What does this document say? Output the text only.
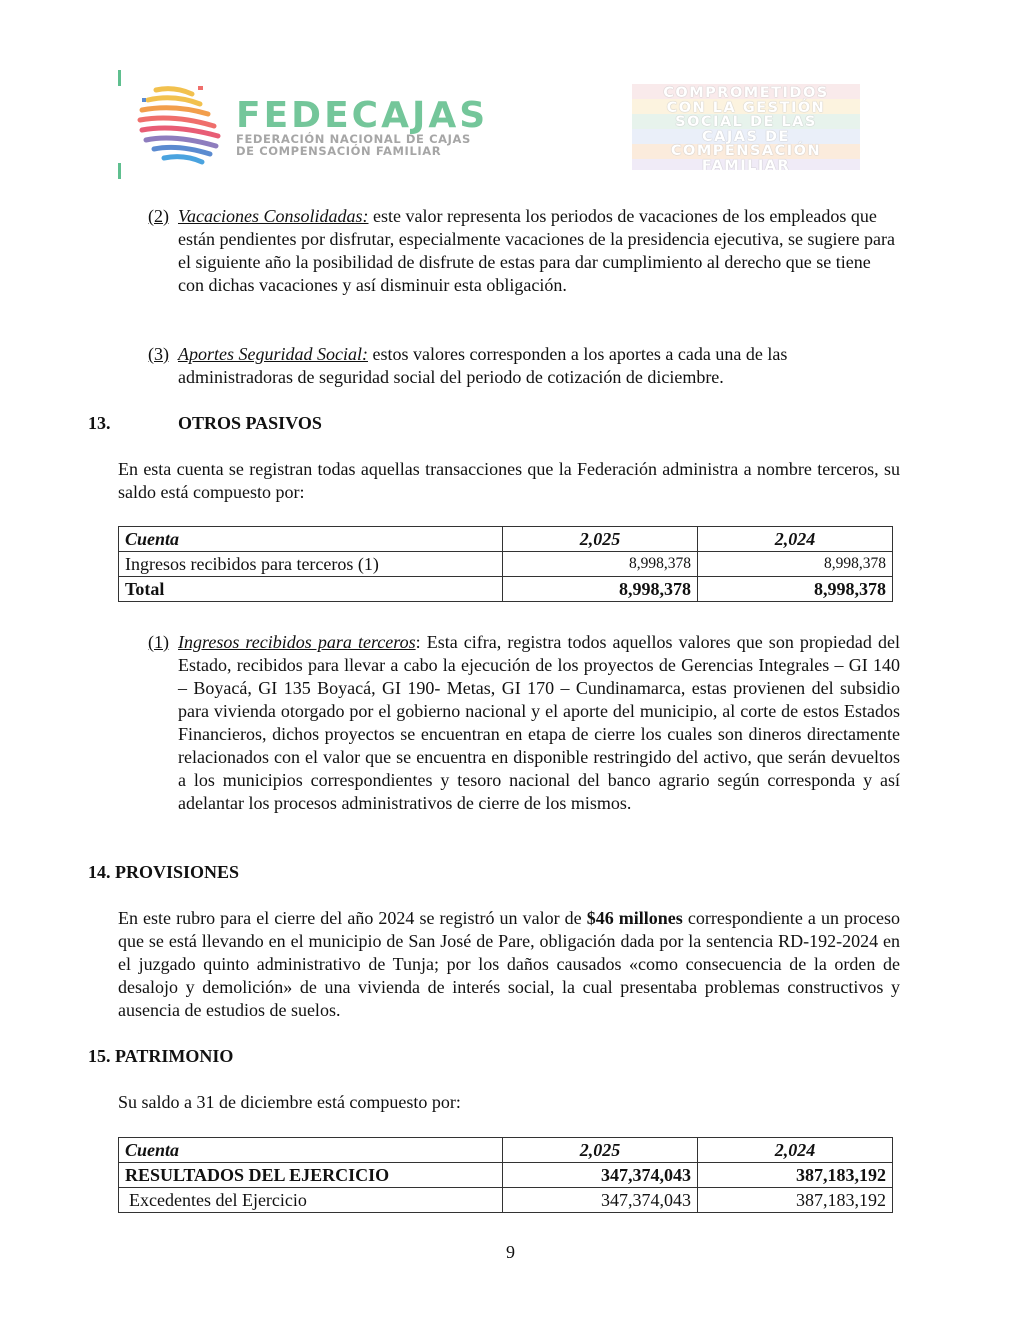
FEDECAJAS
FEDERACIÓN NACIONAL DE CAJAS
DE COMPENSACIÓN FAMILIAR
COMPROMETIDOS
CON LA GESTIÓN
SOCIAL DE LAS
CAJAS DE
COMPENSACIÓN
FAMILIAR
(2) Vacaciones Consolidadas: este valor representa los periodos de vacaciones de los empleados que están pendientes por disfrutar, especialmente vacaciones de la presidencia ejecutiva, se sugiere para el siguiente año la posibilidad de disfrute de estas para dar cumplimiento al derecho que se tiene con dichas vacaciones y así disminuir esta obligación.

(3) Aportes Seguridad Social: estos valores corresponden a los aportes a cada una de las administradoras de seguridad social del periodo de cotización de diciembre.

13.	OTROS PASIVOS

En esta cuenta se registran todas aquellas transacciones que la Federación administra a nombre terceros, su saldo está compuesto por:

Cuenta	2,025	2,024
Ingresos recibidos para terceros (1)	8,998,378	8,998,378
Total	8,998,378	8,998,378
(1) Ingresos recibidos para terceros: Esta cifra, registra todos aquellos valores que son propiedad del Estado, recibidos para llevar a cabo la ejecución de los proyectos de Gerencias Integrales – GI 140 – Boyacá, GI 135 Boyacá, GI 190- Metas, GI 170 – Cundinamarca, estas provienen del subsidio para vivienda otorgado por el gobierno nacional y el aporte del municipio, al corte de estos Estados Financieros, dichos proyectos se encuentran en etapa de cierre los cuales son dineros directamente relacionados con el valor que se encuentra en disponible restringido del activo, que serán devueltos a los municipios correspondientes y tesoro nacional del banco agrario según corresponda y así adelantar los procesos administrativos de cierre de los mismos.

14. PROVISIONES

En este rubro para el cierre del año 2024 se registró un valor de $46 millones correspondiente a un proceso que se está llevando en el municipio de San José de Pare, obligación dada por la sentencia RD-192-2024 en el juzgado quinto administrativo de Tunja; por los daños causados «como consecuencia de la orden de desalojo y demolición» de una vivienda de interés social, la cual presentaba problemas constructivos y ausencia de estudios de suelos.

15. PATRIMONIO

Su saldo a 31 de diciembre está compuesto por:

Cuenta	2,025	2,024
RESULTADOS DEL EJERCICIO	347,374,043	387,183,192
Excedentes del Ejercicio	347,374,043	387,183,192
9
